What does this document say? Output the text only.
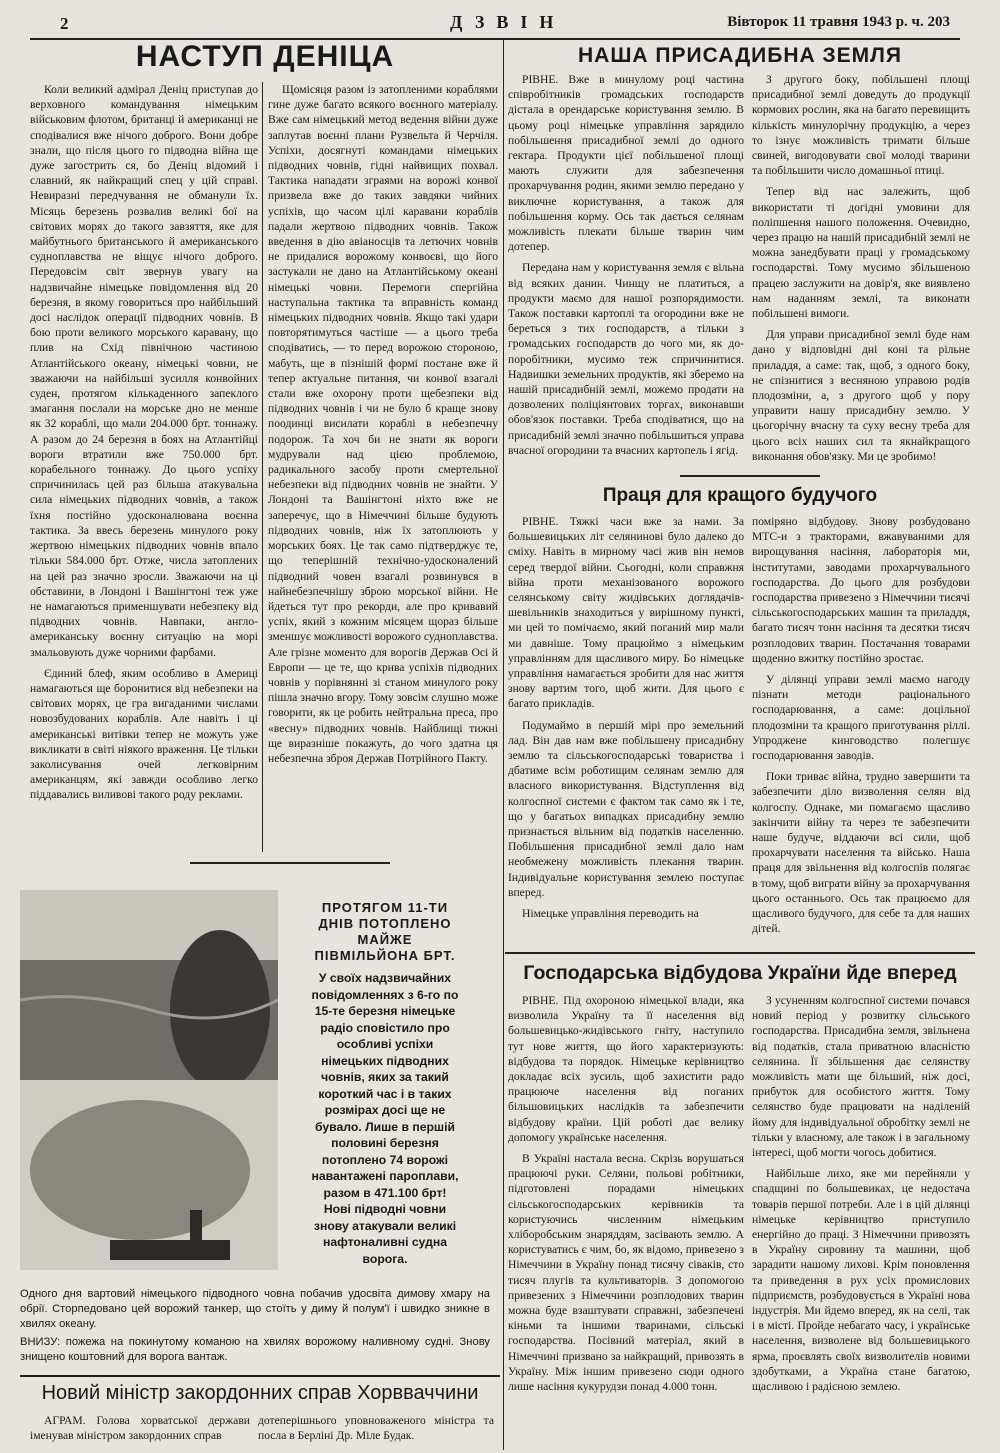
2	ДЗВІН	Вівторок 11 травня 1943 р. ч. 203
НАСТУП ДЕНІЦА

Коли великий адмірал Деніц приступав до верховного командування німецьким військовим флотом, британці й американці не сподівалися вже нічого доброго. Вони добре знали, що після цього го підводна війна ще дуже загострить ся, бо Деніц відомий і славний, як найкращий спец у цій справі. Невиразні передчування не обманули їх. Місяць березень розвалив великі бої на світових морях до такого завзяття, яке для майбутнього британського й американського судноплавства не віщує нічого доброго. Передовсім світ звернув увагу на надзвичайне німецьке повідомлення від 20 березня, в якому говориться про найбільший досі наслідок операції підводних човнів. В бою проти великого морського каравану, що плив на Схід північною частиною Атлантійського океану, німецькі човни, не зважаючи на найбільші зусилля конвойних суден, протягом кількаденного запеклого змагання послали на морське дно не менше як 32 кораблі, що мали 204.000 брт. тоннажу. А разом до 24 березня в боях на Атлантійці вороги втратили вже 750.000 брт. корабельного тоннажу. До цього успіху спричинилась цей раз більша атакувальна сила німецьких підводних човнів, а також їхня постійно удосконалювана воєнна тактика. За ввесь березень минулого року жертвою німецьких підводних човнів впало тільки 584.000 брт. Отже, числа затоплених на цей раз значно зросли. Зважаючи на ці обставини, в Лондоні і Вашінгтоні теж уже не намагаються применшувати небезпеку від підводних човнів. Навпаки, англо-американську воєнну ситуацію на морі змальовують дуже чорними фарбами.

Єдиний блеф, яким особливо в Америці намагаються ще боронитися від небезпеки на світових морях, це гра вигаданими числами новозбудованих кораблів. Але навіть і ці американські витівки тепер не можуть уже викликати в світі ніякого враження. Це тільки заколисування очей легковірним американцям, які завжди особливо легко піддавались виливові такого роду реклами.

Щомісяця разом із затопленими кораблями гине дуже багато всякого воєнного матеріалу. Вже сам німецький метод ведення війни дуже заплутав воєнні плани Рузвельта й Черчіля. Успіхи, досягнуті командами німецьких підводних човнів, гідні найвищих похвал. Тактика нападати зграями на ворожі конвої призвела вже до таких завдяки чийних успіхів, що часом цілі каравани кораблів падали жертвою підводних човнів. Також введення в дію авіаносців та летючих човнів не придалися ворожому конвоєві, що його застукали не дано на Атлантійському океані німецькі човни. Перемоги спергійна наступальна тактика та вправність команд німецьких підводних човнів. Якщо такі удари повторятимуться частіше — а цього треба сподіватись, — то перед ворожою стороною, мабуть, ще в пізнішій формі постане вже й тепер актуальне питання, чи конвої взагалі стали вже охорону проти щебезпеки від підводних човнів і чи не було б краще знову поодинці висилати кораблі в небезпечну подорож. Та хоч би не знати як вороги мудрували над цією проблемою, радикального засобу проти смертельної небезпеки від підводних човнів не знайти. У Лондоні та Вашінгтоні ніхто вже не заперечує, що в Німеччині більше будують підводних човнів, ніж їх затоплюють у морських боях. Це так само підтверджує те, що теперішній технічно-удосконалений підводний човен взагалі розвинувся в найнебезпечнішу зброю морської війни. Не йдеться тут про рекорди, але про кривавий успіх, який з кожним місяцем щораз більше зменшує можливості ворожого судноплавства. Але грізне моменто для ворогів Держав Осі й Европи — це те, що крива успіхів підводних човнів у порівнянні зі станом минулого року пішла значно вгору. Тому зовсім слушно може говорити, як це робить нейтральна преса, про «весну» підводних човнів. Найблищі тижні ще виразніше покажуть, до чого здатна ця небезпечна зброя Держав Потрійного Пакту.

ПРОТЯГОМ 11-ТИ ДНІВ ПОТОПЛЕНО МАЙЖЕ ПІВМІЛЬЙОНА БРТ.
У своїх надзвичайних повідомленнях з 6-го по 15-те березня німецьке радіо сповістило про особливі успіхи німецьких підводних човнів, яких за такий короткий час і в таких розмірах досі ще не бувало. Лише в першій половині березня потоплено 74 ворожі навантажені пароплави, разом в 471.100 брт! Нові підводні човни знову атакували великі нафтоналивні судна ворога.
Одного дня вартовий німецького підводного човна побачив удосвіта димову хмару на обрії. Сторпедовано цей ворожий танкер, що стоїть у диму й полум'ї і швидко зникне в хвилях океану.
ВНИЗУ: пожежа на покинутому команою на хвилях ворожому наливному судні. Знову знищено коштовний для ворога вантаж.
Новий міністр закордонних справ Хорвваччини

АГРАМ. Голова хорватської держави іменував міністром закордонних справ

дотеперішнього уповноваженого міністра та посла в Берліні Др. Міле Будак.

НАША ПРИСАДИБНА ЗЕМЛЯ

РІВНЕ. Вже в минулому році частина співробітників громадських господарств дістала в орендарське користування землю. В цьому році німецьке управління зарядило побільшення присадибної землі до одного гектара. Продукти цієї побільшеної площі мають служити для забезпечення прохарчування родин, якими землю передано у виключне користування, а також для побільшення корму. Ось так дається селянам можливість плекати більше тварин чим дотепер.

Передана нам у користування земля є вільна від всяких данин. Чинщу не платиться, а продукти маємо для нашої розпорядимости. Також поставки картоплі та огородини вже не береться з тих господарств, а тільки з громадських господарств до чого ми, як до-поробітники, мусимо теж спричинитися. Надвишки земельних продуктів, які зберемо на нашій присадибній землі, можемо продати на дозволених поліціянтових торгах, виконавши обов'язок поставки. Треба сподіватися, що на присадибній землі значно побільшиться управа вчасної огородини та вчасних картопель і ягід.

З другого боку, побільшені площі присадибної землі доведуть до продукції кормових рослин, яка на багато перевищить кількість минулорічну продукцію, а через то ізнує можливість тримати більше свиней, вигодовувати свої молоді тварини та побільшити число домашньої птиці.

Тепер від нас залежить, щоб використати ті догідні умовини для поліпшення нашого положення. Очевидно, через працю на нашій присадибній землі не можна занедбувати праці у громадському господарстві. Тому мусимо збільшеною працею заслужити на довір'я, яке виявлено нам наданням землі, та виконати побільшені вимоги.

Для управи присадибної землі буде нам дано у відповідні дні коні та рільне приладдя, а саме: так, щоб, з одного боку, не спізнитися з весняною управою родів плодозміни, а, з другого щоб у пору управити нашу присадибну землю. У цьогорічну вчасну та суху весну треба для цього всіх наших сил та якнайкращого виконання обов'язку. Ми це зробимо!

Праця для кращого будучого

РІВНЕ. Тяжкі часи вже за нами. За большевицьких літ селянинові було далеко до сміху. Навіть в мирному часі жив він немов серед твердої війни. Сьогодні, коли справжня війна проти механізованого ворожого селянському світу жидівських доглядачів-шевільників знаходиться у вирішному пункті, ми цей то помічаємо, який поганий мир мали ми давніше. Тому працюймо з німецьким управлінням для щасливого миру. Бо німецьке управління намагається зробити для нас життя знову вартим того, щоб жити. Для цього є багато прикладів.

Подумаймо в першій мірі про земельний лад. Він дав нам вже побільшену присадибну землю та сільськогосподарські товариства і дбатиме всім роботищим селянам землю для власного використування. Відступлення від колгоспної системи є фактом так само як і те, що у багатьох випадках присадибну землю признається вільним від податків населенню. Побільшення присадибної землі дало нам необмежену можливість плекання тварин. Індивідуальне користування землею поступає вперед.

Німецьке управління переводить на

поміряно відбудову. Знову розбудовано МТС-и з тракторами, вжавуваними для вирощування насіння, лабораторія ми, інститутами, заводами прохарчувального господарства. До цього для розбудови господарства привезено з Німеччини тисячі сільськогосподарських машин та приладдя, багато тисяч тонн насіння та десятки тисяч розплодових тварин. Постачання товарами щоденно вжитку постійно зростає.

У ділянці управи землі маємо нагоду пізнати методи раціонального господарювання, а саме: доцільної плодозміни та кращого приготування ріллі. Упроджене кинговодство полегшує господарювання заводів.

Поки триває війна, трудно завершити та забезпечити діло визволення селян від колгоспу. Однаке, ми помагаємо щасливо закінчити війну та через те забезпечити наше будуче, віддаючи всі сили, щоб прохарчувати населення та військо. Наша праця для звільнення від колгоспів полягає в тому, щоб виграти війну за прохарчування цього останнього. Ось так працюємо для щасливого будучого, для себе та для наших дітей.

Господарська відбудова України йде вперед

РІВНЕ. Під охороною німецької влади, яка визволила Україну та її населення від большевицько-жидівського гніту, наступило тут нове життя, що його характеризують: відбудова та порядок. Німецьке керівництво докладає всіх зусиль, щоб захистити радо працююче населення від поганих більшовицьких наслідків та забезпечити відбудову країни. Цій роботі дає велику допомогу українське населення.

В Україні настала весна. Скрізь ворушаться працюючі руки. Селяни, польові робітники, підготовлені порадами німецьких сільськогосподарських керівників та користуючись численним німецьким хліборобським знаряддям, засівають землю. А користуватись є чим, бо, як відомо, привезено з Німеччини в Україну понад тисячу сіваків, сто тисяч плугів та культиваторів. З допомогою привезених з Німеччини розплодових тварин можна буде взаштувати справжні, забезпечені кіньми та іншими тваринами, сільські господарства. Посівний матеріал, який в Німеччині призвано за найкращий, привозять в Україну. Між іншим привезено сюди одного лише насіння кукурудзи понад 4.000 тонн.

З усуненням колгоспної системи почався новий період у розвитку сільського господарства. Присадибна земля, звільнена від податків, стала приватною власністю селянина. Її збільшення дає селянству можливість мати ще більший, ніж досі, прибуток для особистого життя. Тому селянство буде працювати на наділеній йому для індивідуальної обробітку землі не тільки у власному, але також і в загальному інтересі, щоб могти чогось добитися.

Найбільше лихо, яке ми перейняли у спадщині по большевиках, це недостача товарів першої потреби. Але і в цій ділянці німецьке керівництво приступило енергійно до праці. З Німеччини привозять в Україну сировину та машини, щоб зарадити нашому лихові. Крім поновлення та приведення в рух усіх промислових підприємств, розбудовується в Україні нова індустрія. Ми йдемо вперед, як на селі, так і в місті. Пройде небагато часу, і українське населення, визволене від большевицького ярма, проєвлять своїх визволителів новими здобутками, а Україна стане багатою, щасливою і радісною землею.
